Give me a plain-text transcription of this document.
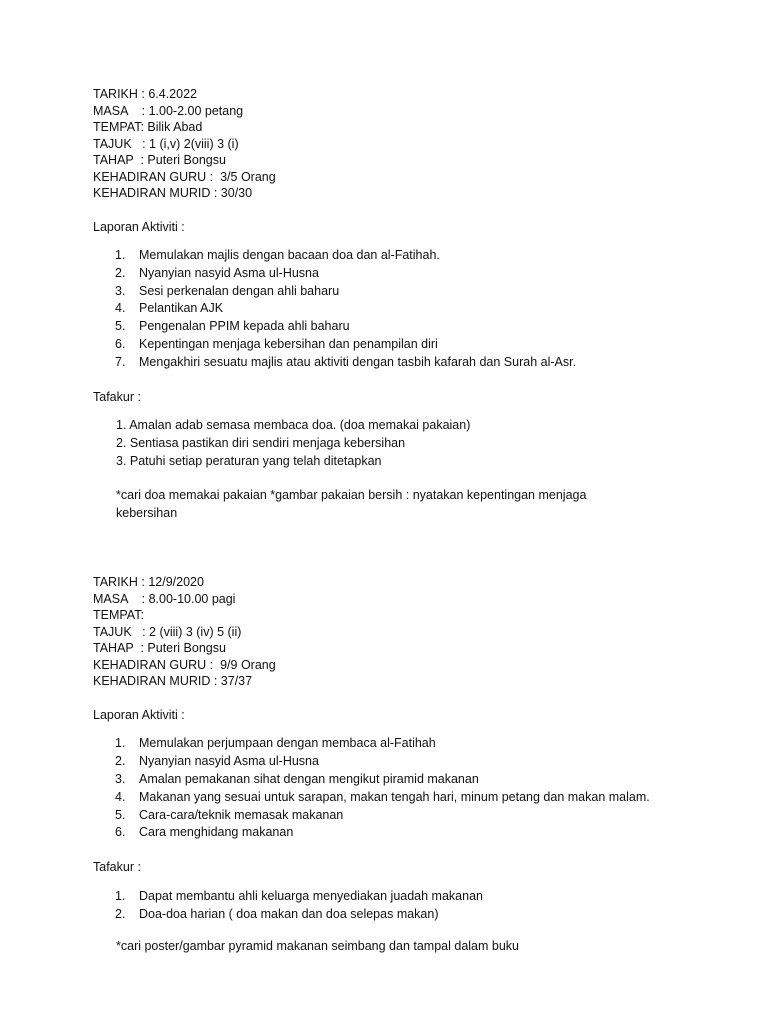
TARIKH : 6.4.2022
MASA    : 1.00-2.00 petang
TEMPAT: Bilik Abad
TAJUK   : 1 (i,v) 2(viii) 3 (i)
TAHAP  : Puteri Bongsu
KEHADIRAN GURU :  3/5 Orang
KEHADIRAN MURID : 30/30
Laporan Aktiviti :
1. Memulakan majlis dengan bacaan doa dan al-Fatihah.
2. Nyanyian nasyid Asma ul-Husna
3. Sesi perkenalan dengan ahli baharu
4. Pelantikan AJK
5. Pengenalan PPIM kepada ahli baharu
6. Kepentingan menjaga kebersihan dan penampilan diri
7. Mengakhiri sesuatu majlis atau aktiviti dengan tasbih kafarah dan Surah al-Asr.
Tafakur :
1. Amalan adab semasa membaca doa. (doa memakai pakaian)
2. Sentiasa pastikan diri sendiri menjaga kebersihan
3. Patuhi setiap peraturan yang telah ditetapkan
*cari doa memakai pakaian *gambar pakaian bersih : nyatakan kepentingan menjaga kebersihan
TARIKH : 12/9/2020
MASA    : 8.00-10.00 pagi
TEMPAT:
TAJUK   : 2 (viii) 3 (iv) 5 (ii)
TAHAP  : Puteri Bongsu
KEHADIRAN GURU :  9/9 Orang
KEHADIRAN MURID : 37/37
Laporan Aktiviti :
1. Memulakan perjumpaan dengan membaca al-Fatihah
2. Nyanyian nasyid Asma ul-Husna
3. Amalan pemakanan sihat dengan mengikut piramid makanan
4. Makanan yang sesuai untuk sarapan, makan tengah hari, minum petang dan makan malam.
5. Cara-cara/teknik memasak makanan
6. Cara menghidang makanan
Tafakur :
1. Dapat membantu ahli keluarga menyediakan juadah makanan
2. Doa-doa harian ( doa makan dan doa selepas makan)
*cari poster/gambar pyramid makanan seimbang dan tampal dalam buku
